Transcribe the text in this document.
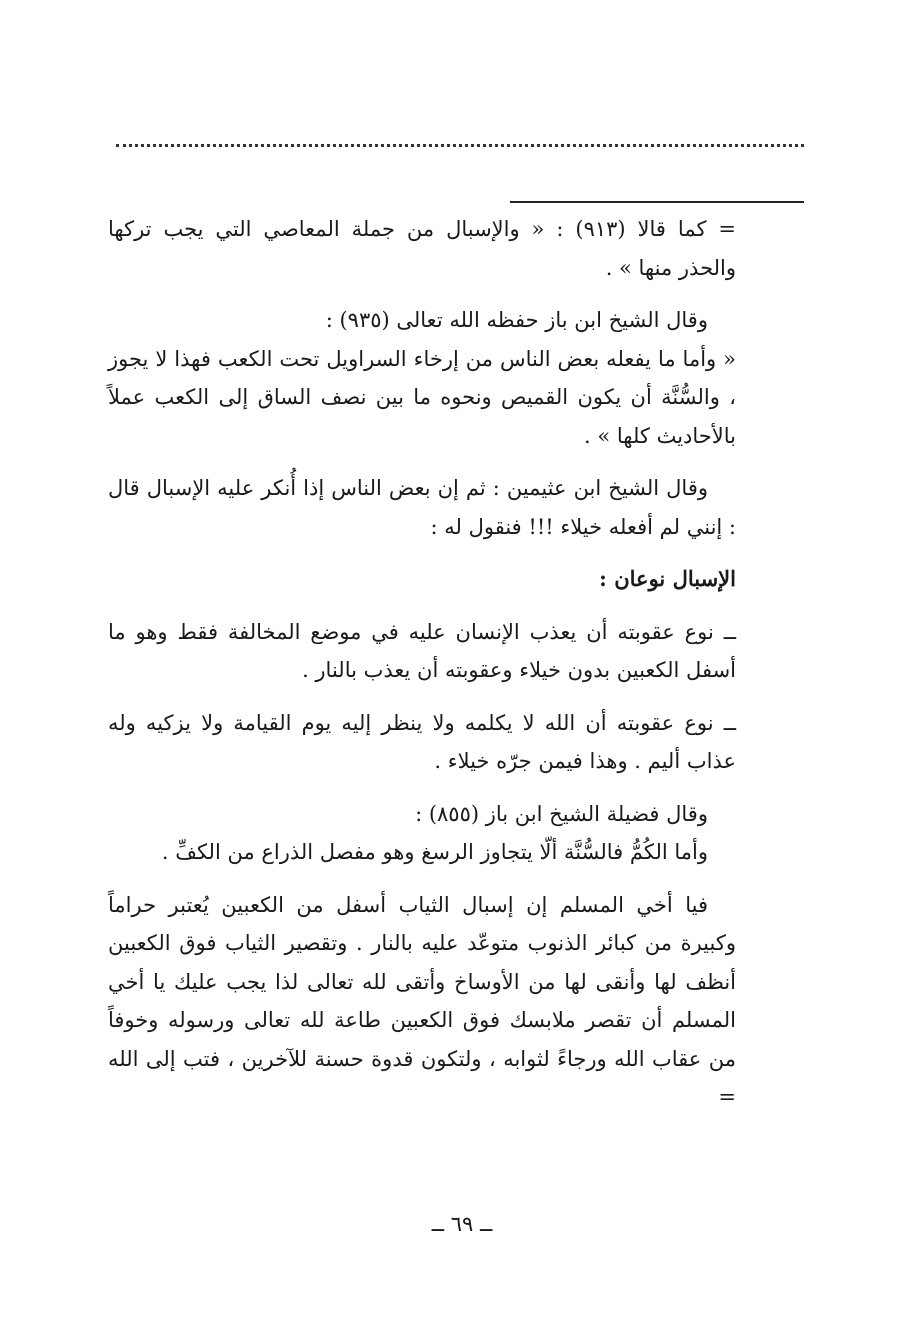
= كما قالا (٩١٣) : « والإسبال من جملة المعاصي التي يجب تركها والحذر منها » .

وقال الشيخ ابن باز حفظه الله تعالى (٩٣٥) :

« وأما ما يفعله بعض الناس من إرخاء السراويل تحت الكعب فهذا لا يجوز ، والسُّنَّة أن يكون القميص ونحوه ما بين نصف الساق إلى الكعب عملاً بالأحاديث كلها » .

وقال الشيخ ابن عثيمين : ثم إن بعض الناس إذا أُنكر عليه الإسبال قال : إنني لم أفعله خيلاء !!! فنقول له :

الإسبال نوعان :

ــ نوع عقوبته أن يعذب الإنسان عليه في موضع المخالفة فقط وهو ما أسفل الكعبين بدون خيلاء وعقوبته أن يعذب بالنار .

ــ نوع عقوبته أن الله لا يكلمه ولا ينظر إليه يوم القيامة ولا يزكيه وله عذاب أليم . وهذا فيمن جرّه خيلاء .

وقال فضيلة الشيخ ابن باز (٨٥٥) :

وأما الكُمُّ فالسُّنَّة ألّا يتجاوز الرسغ وهو مفصل الذراع من الكفِّ .

فيا أخي المسلم إن إسبال الثياب أسفل من الكعبين يُعتبر حراماً وكبيرة من كبائر الذنوب متوعّد عليه بالنار . وتقصير الثياب فوق الكعبين أنظف لها وأنقى لها من الأوساخ وأتقى لله تعالى لذا يجب عليك يا أخي المسلم أن تقصر ملابسك فوق الكعبين طاعة لله تعالى ورسوله وخوفاً من عقاب الله ورجاءً لثوابه ، ولتكون قدوة حسنة للآخرين ، فتب إلى الله =

ــ ٦٩ ــ
